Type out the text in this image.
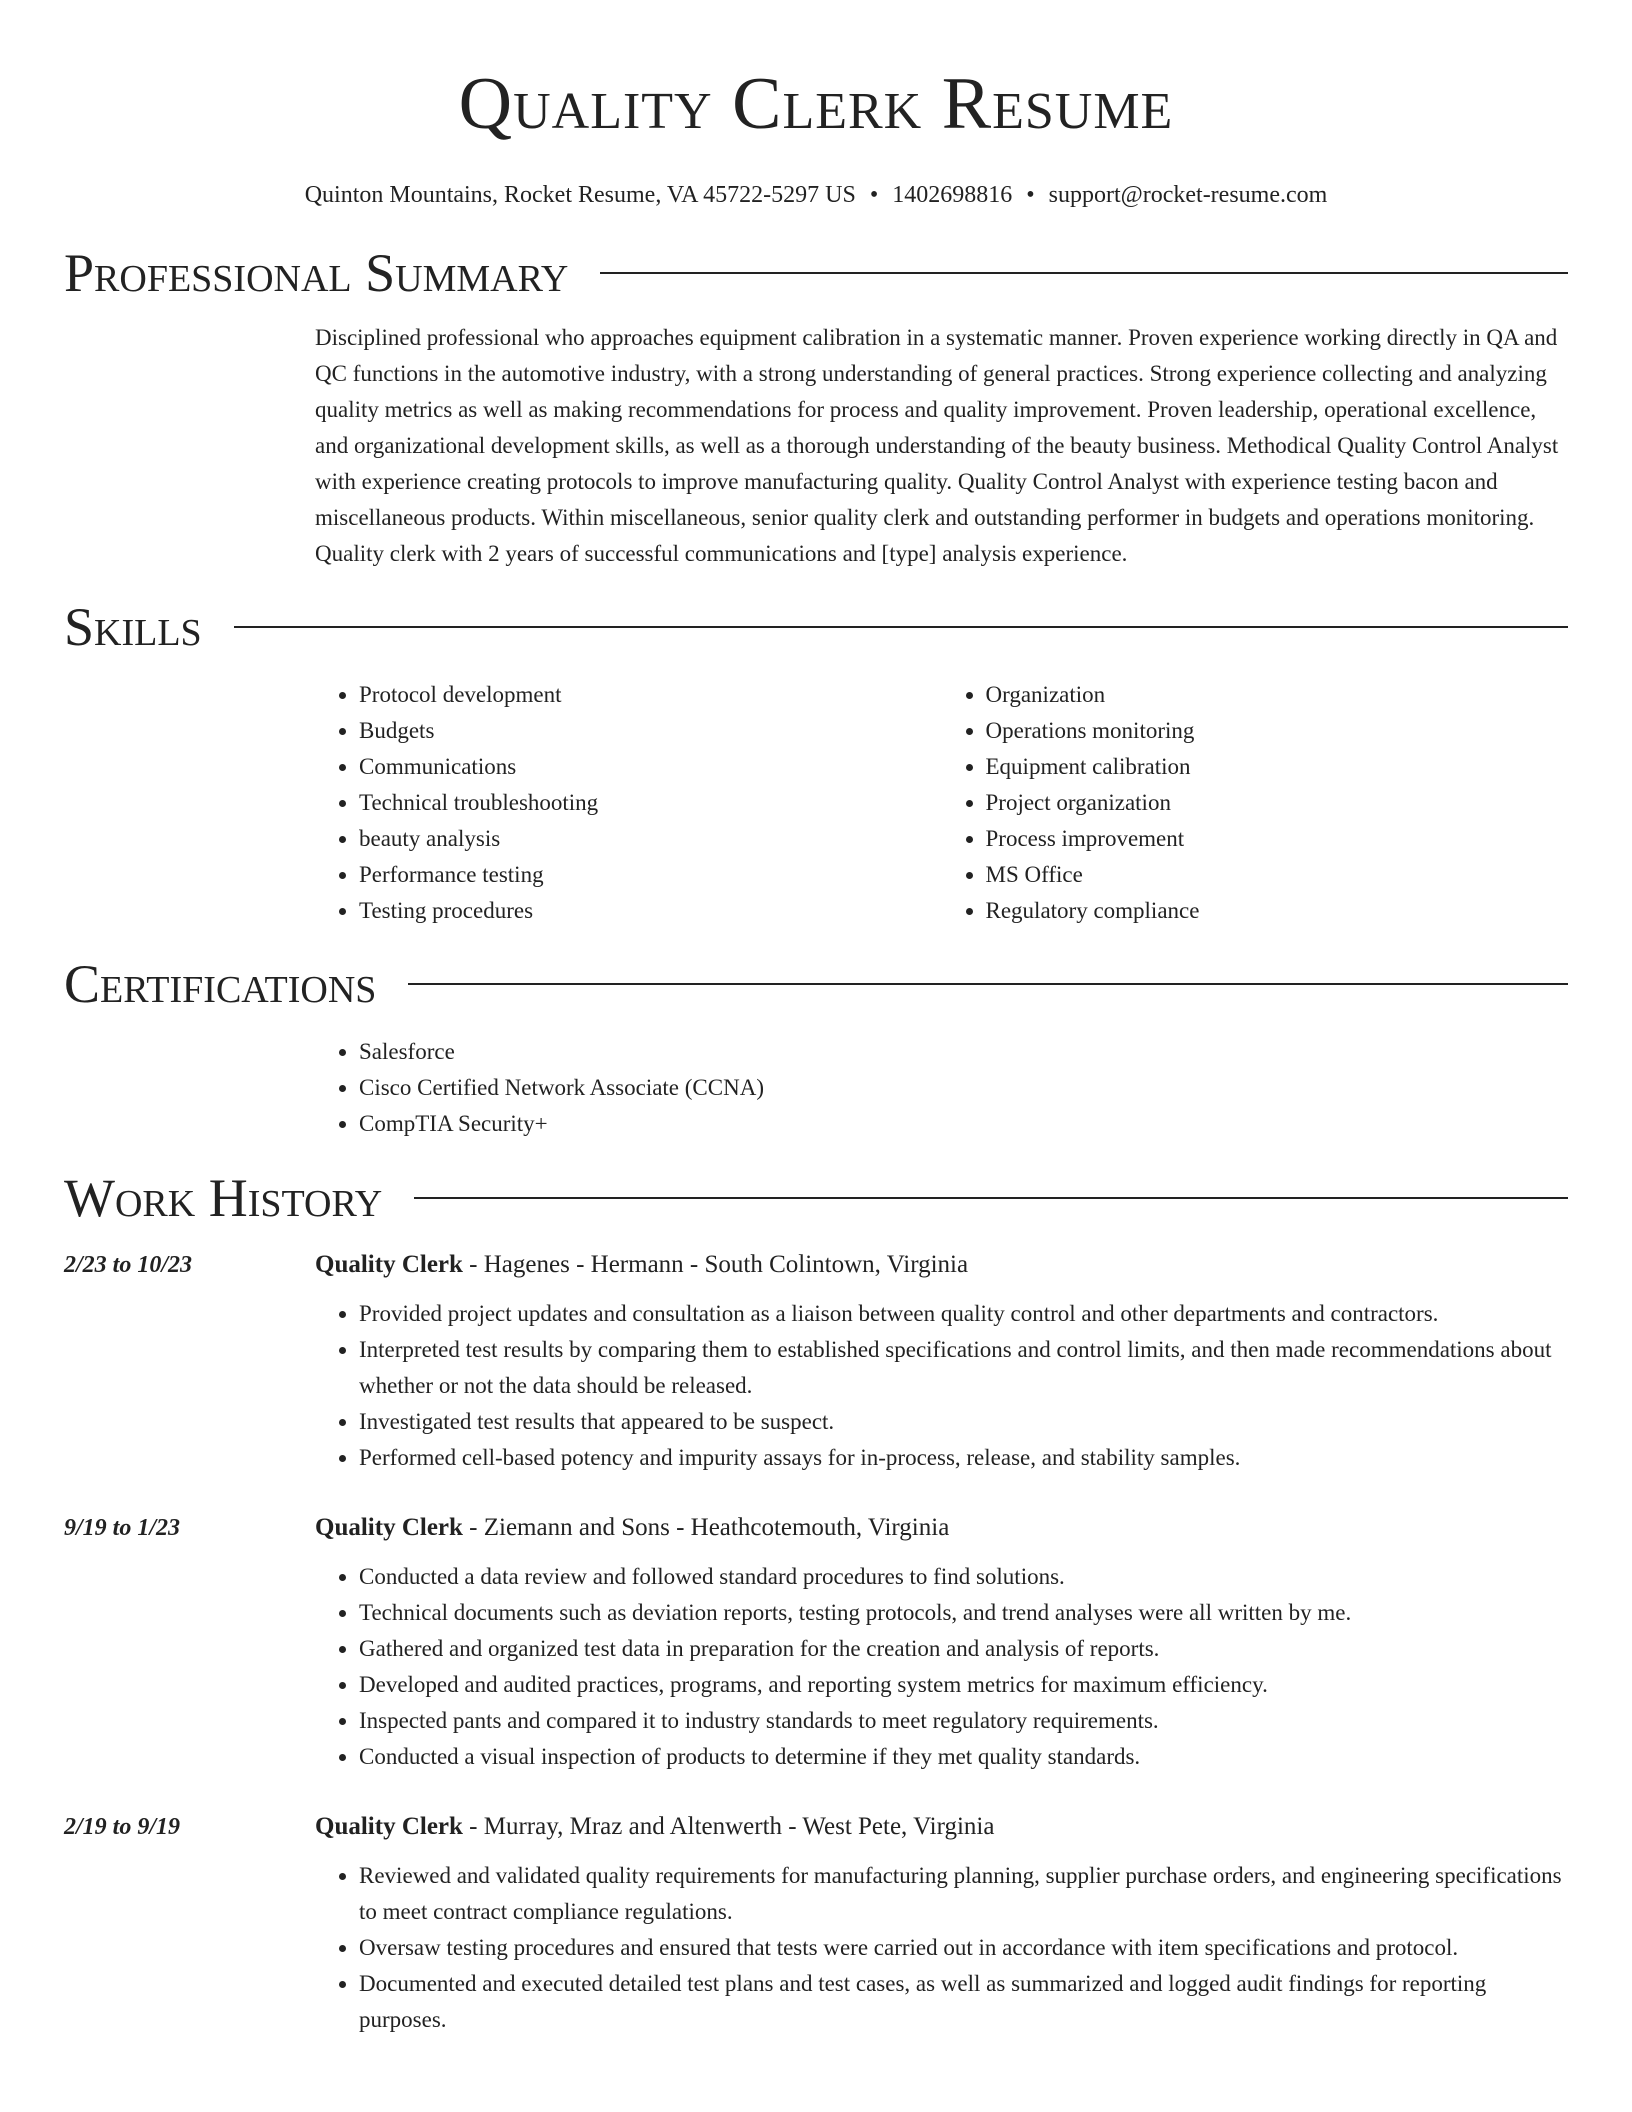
Quality Clerk Resume
Quinton Mountains, Rocket Resume, VA 45722-5297 US • 1402698816 • support@rocket-resume.com
Professional Summary
Disciplined professional who approaches equipment calibration in a systematic manner. Proven experience working directly in QA and QC functions in the automotive industry, with a strong understanding of general practices. Strong experience collecting and analyzing quality metrics as well as making recommendations for process and quality improvement. Proven leadership, operational excellence, and organizational development skills, as well as a thorough understanding of the beauty business. Methodical Quality Control Analyst with experience creating protocols to improve manufacturing quality. Quality Control Analyst with experience testing bacon and miscellaneous products. Within miscellaneous, senior quality clerk and outstanding performer in budgets and operations monitoring. Quality clerk with 2 years of successful communications and [type] analysis experience.
Skills
• Protocol development
• Budgets
• Communications
• Technical troubleshooting
• beauty analysis
• Performance testing
• Testing procedures
• Organization
• Operations monitoring
• Equipment calibration
• Project organization
• Process improvement
• MS Office
• Regulatory compliance
Certifications
• Salesforce
• Cisco Certified Network Associate (CCNA)
• CompTIA Security+
Work History
2/23 to 10/23	Quality Clerk - Hagenes - Hermann - South Colintown, Virginia
• Provided project updates and consultation as a liaison between quality control and other departments and contractors.
• Interpreted test results by comparing them to established specifications and control limits, and then made recommendations about whether or not the data should be released.
• Investigated test results that appeared to be suspect.
• Performed cell-based potency and impurity assays for in-process, release, and stability samples.
9/19 to 1/23	Quality Clerk - Ziemann and Sons - Heathcotemouth, Virginia
• Conducted a data review and followed standard procedures to find solutions.
• Technical documents such as deviation reports, testing protocols, and trend analyses were all written by me.
• Gathered and organized test data in preparation for the creation and analysis of reports.
• Developed and audited practices, programs, and reporting system metrics for maximum efficiency.
• Inspected pants and compared it to industry standards to meet regulatory requirements.
• Conducted a visual inspection of products to determine if they met quality standards.
2/19 to 9/19	Quality Clerk - Murray, Mraz and Altenwerth - West Pete, Virginia
• Reviewed and validated quality requirements for manufacturing planning, supplier purchase orders, and engineering specifications to meet contract compliance regulations.
• Oversaw testing procedures and ensured that tests were carried out in accordance with item specifications and protocol.
• Documented and executed detailed test plans and test cases, as well as summarized and logged audit findings for reporting purposes.
